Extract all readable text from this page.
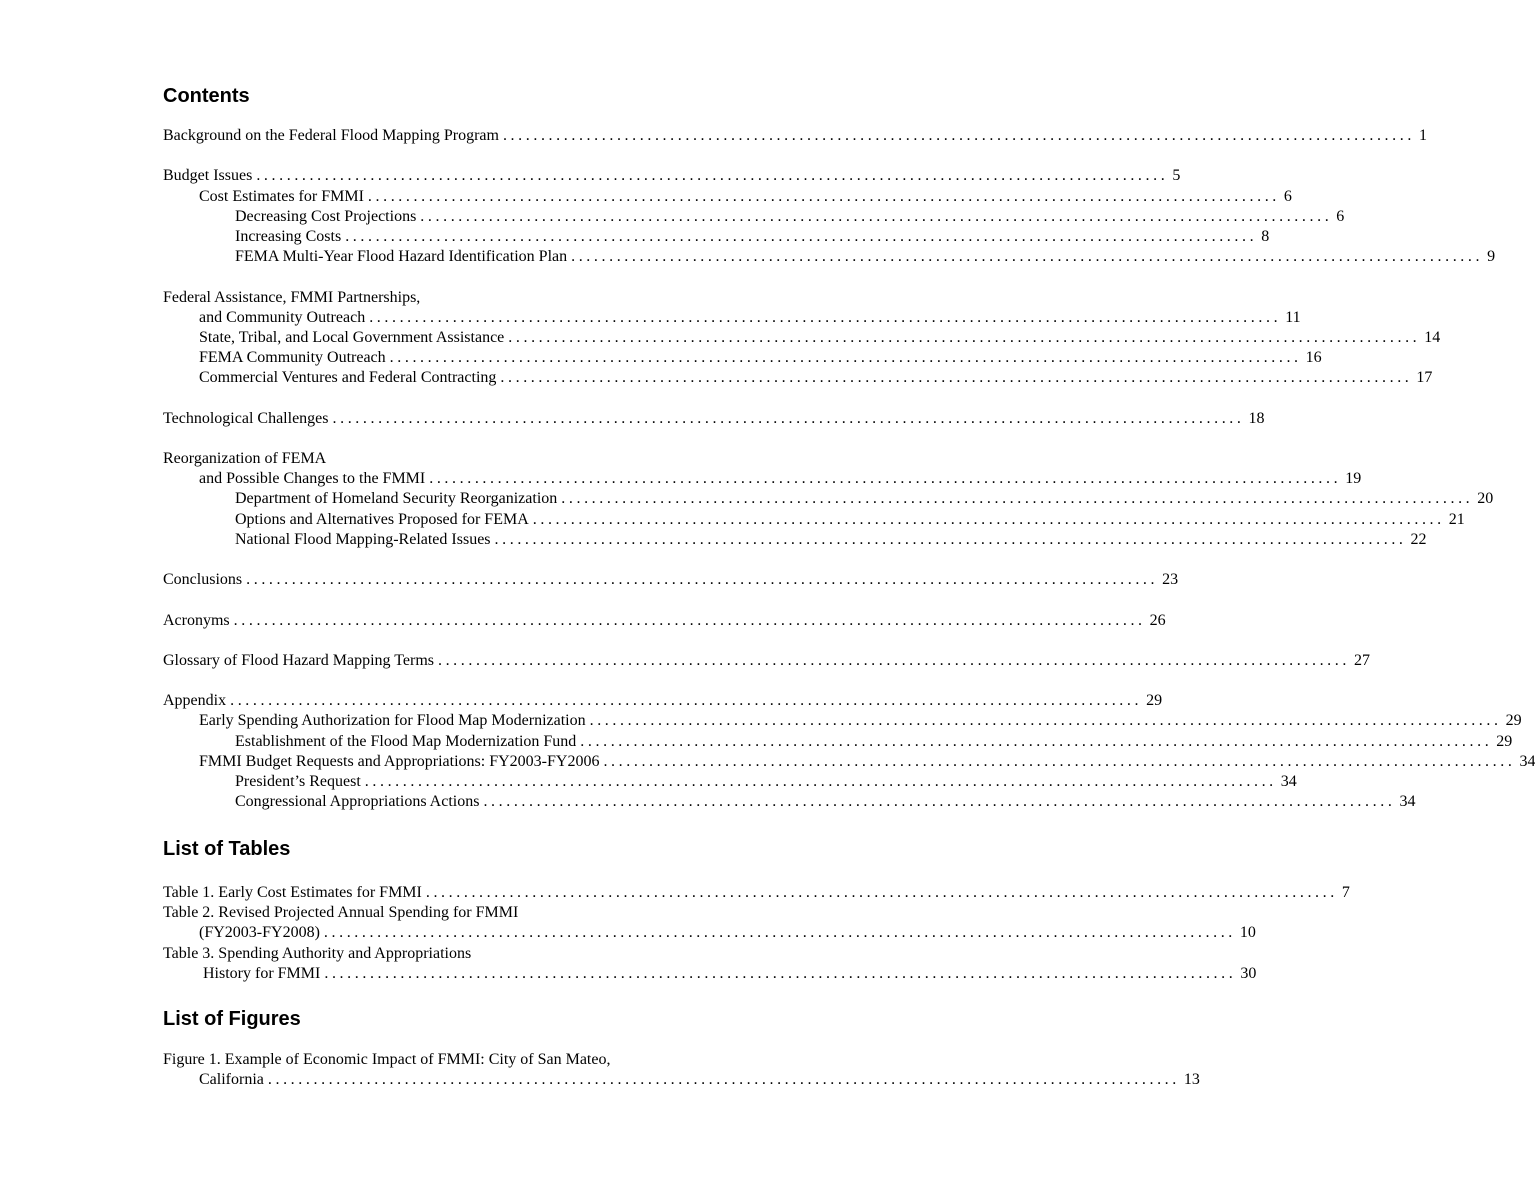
Contents
Background on the Federal Flood Mapping Program ........................................................................................................................ 1
Budget Issues ........................................................................................................................ 5
Cost Estimates for FMMI ........................................................................................................................ 6
Decreasing Cost Projections ........................................................................................................................ 6
Increasing Costs ........................................................................................................................ 8
FEMA Multi-Year Flood Hazard Identification Plan ........................................................................................................................ 9
Federal Assistance, FMMI Partnerships,
and Community Outreach ........................................................................................................................ 11
State, Tribal, and Local Government Assistance ........................................................................................................................ 14
FEMA Community Outreach ........................................................................................................................ 16
Commercial Ventures and Federal Contracting ........................................................................................................................ 17
Technological Challenges ........................................................................................................................ 18
Reorganization of FEMA
and Possible Changes to the FMMI ........................................................................................................................ 19
Department of Homeland Security Reorganization ........................................................................................................................ 20
Options and Alternatives Proposed for FEMA ........................................................................................................................ 21
National Flood Mapping-Related Issues ........................................................................................................................ 22
Conclusions ........................................................................................................................ 23
Acronyms ........................................................................................................................ 26
Glossary of Flood Hazard Mapping Terms ........................................................................................................................ 27
Appendix ........................................................................................................................ 29
Early Spending Authorization for Flood Map Modernization ........................................................................................................................ 29
Establishment of the Flood Map Modernization Fund ........................................................................................................................ 29
FMMI Budget Requests and Appropriations: FY2003-FY2006 ........................................................................................................................ 34
President’s Request ........................................................................................................................ 34
Congressional Appropriations Actions ........................................................................................................................ 34
List of Tables
Table 1. Early Cost Estimates for FMMI ........................................................................................................................ 7
Table 2. Revised Projected Annual Spending for FMMI
(FY2003-FY2008) ........................................................................................................................ 10
Table 3. Spending Authority and Appropriations
History for FMMI ........................................................................................................................ 30
List of Figures
Figure 1. Example of Economic Impact of FMMI: City of San Mateo,
California ........................................................................................................................ 13
